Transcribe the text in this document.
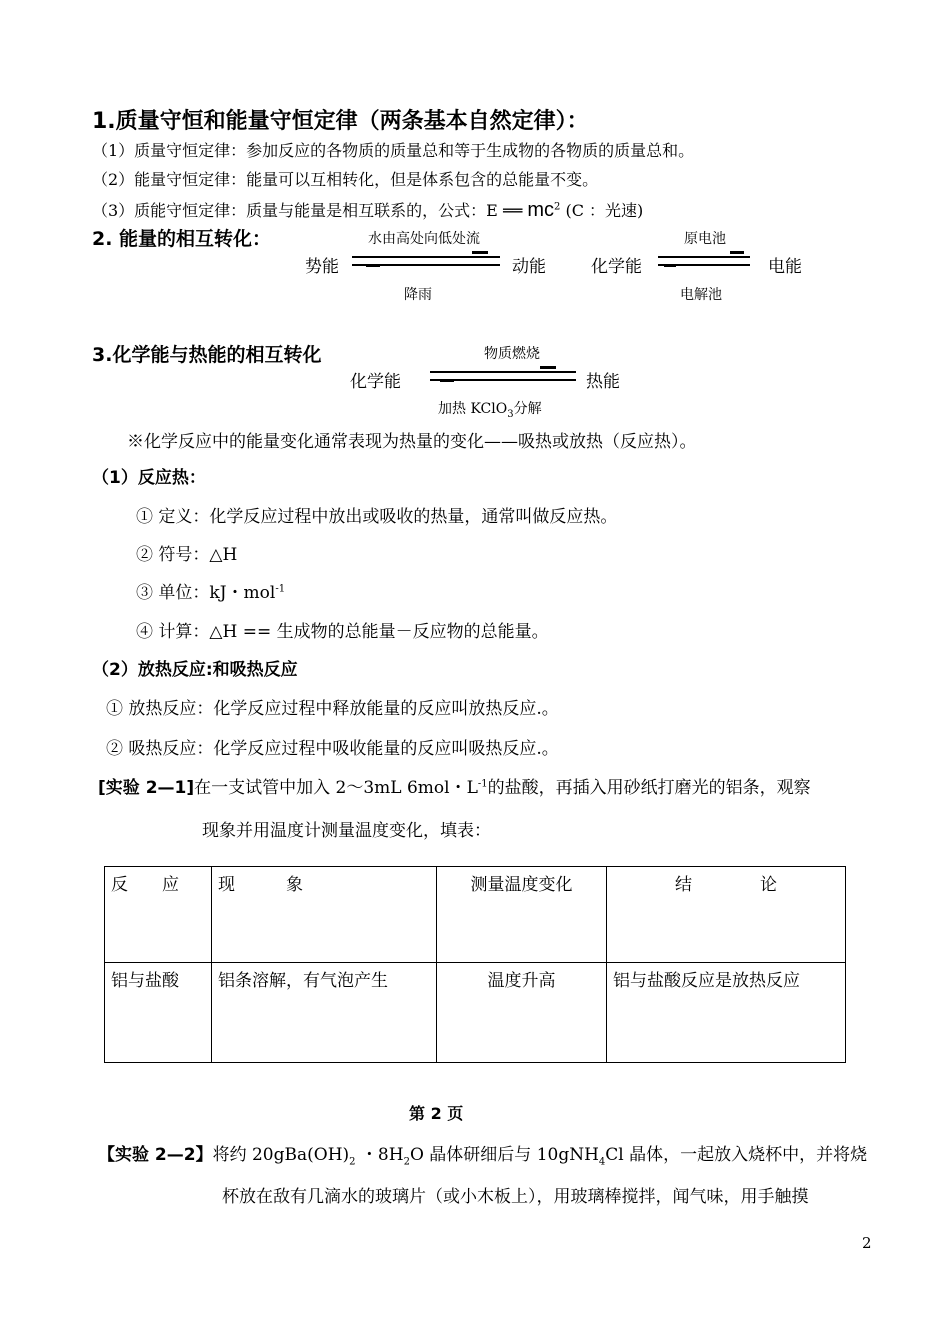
1.质量守恒和能量守恒定律（两条基本自然定律）：
（1）质量守恒定律：参加反应的各物质的质量总和等于生成物的各物质的质量总和。
（2）能量守恒定律：能量可以互相转化，但是体系包含的总能量不变。
（3）质能守恒定律：质量与能量是相互联系的，公式：E ══ $mc^2$ (C ：光速)
2. 能量的相互转化：	水由高处向低处流
势能	动能
降雨
原电池
化学能	电能
电解池
3.化学能与热能的相互转化	物质燃烧
化学能	热能
加热 KClO$_3$分解
※化学反应中的能量变化通常表现为热量的变化——吸热或放热（反应热）。
（1）反应热：
① 定义：化学反应过程中放出或吸收的热量，通常叫做反应热。
② 符号：△H
③ 单位：kJ・mol$^{-1}$
④ 计算：△H == 生成物的总能量－反应物的总能量。
（2）放热反应:和吸热反应
① 放热反应：化学反应过程中释放能量的反应叫放热反应.。
② 吸热反应：化学反应过程中吸收能量的反应叫吸热反应.。
[实验 2—1]在一支试管中加入 2～3mL 6mol・$L^{-1}$的盐酸，再插入用砂纸打磨光的铝条，观察
现象并用温度计测量温度变化，填表：
反　　应	现　　　象	测量温度变化	结　　　　论
铝与盐酸	铝条溶解，有气泡产生	温度升高	铝与盐酸反应是放热反应
第 2 页
【实验 2—2】将约 $20gBa(OH)_2$ ・$8H_2O$ 晶体研细后与 10gNH$_4$Cl 晶体，一起放入烧杯中，并将烧
杯放在敌有几滴水的玻璃片（或小木板上），用玻璃棒搅拌，闻气味，用手触摸
2
